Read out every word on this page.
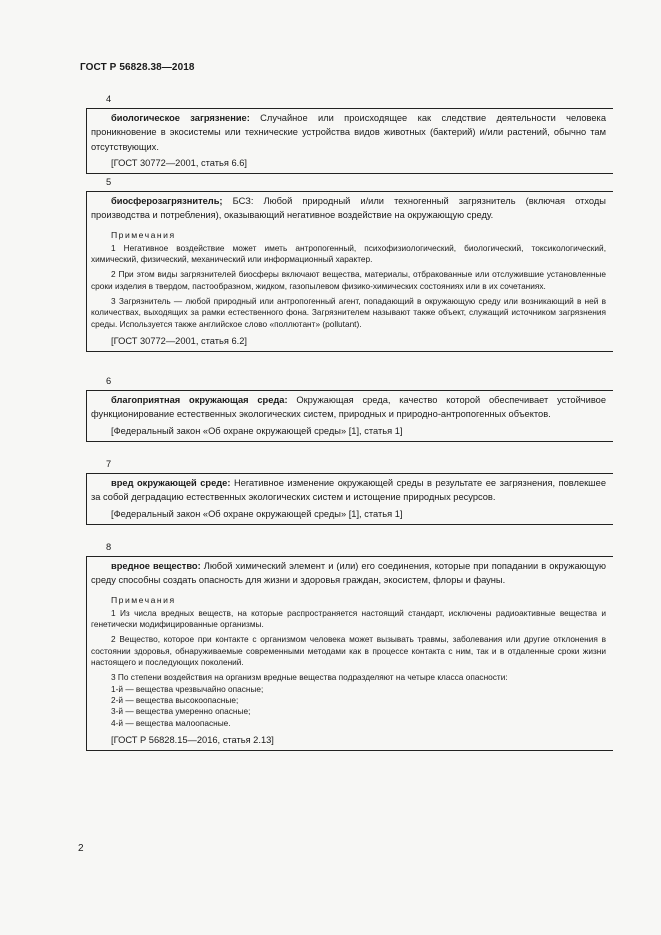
ГОСТ Р 56828.38—2018
4

биологическое загрязнение: Случайное или происходящее как следствие деятельности человека проникновение в экосистемы или технические устройства видов животных (бактерий) и/или растений, обычно там отсутствующих.

[ГОСТ 30772—2001, статья 6.6]

5

биосферозагрязнитель; БСЗ: Любой природный и/или техногенный загрязнитель (включая отходы производства и потребления), оказывающий негативное воздействие на окружающую среду.

Примечания

1 Негативное воздействие может иметь антропогенный, психофизиологический, биологический, токсикологический, химический, физический, механический или информационный характер.

2 При этом виды загрязнителей биосферы включают вещества, материалы, отбракованные или отслужившие установленные сроки изделия в твердом, пастообразном, жидком, газопылевом физико-химических состояниях или в их сочетаниях.

3 Загрязнитель — любой природный или антропогенный агент, попадающий в окружающую среду или возникающий в ней в количествах, выходящих за рамки естественного фона. Загрязнителем называют также объект, служащий источником загрязнения среды. Используется также английское слово «поллютант» (pollutant).

[ГОСТ 30772—2001, статья 6.2]

6

благоприятная окружающая среда: Окружающая среда, качество которой обеспечивает устойчивое функционирование естественных экологических систем, природных и природно-антропогенных объектов.

[Федеральный закон «Об охране окружающей среды» [1], статья 1]

7

вред окружающей среде: Негативное изменение окружающей среды в результате ее загрязнения, повлекшее за собой деградацию естественных экологических систем и истощение природных ресурсов.

[Федеральный закон «Об охране окружающей среды» [1], статья 1]

8

вредное вещество: Любой химический элемент и (или) его соединения, которые при попадании в окружающую среду способны создать опасность для жизни и здоровья граждан, экосистем, флоры и фауны.

Примечания

1 Из числа вредных веществ, на которые распространяется настоящий стандарт, исключены радиоактивные вещества и генетически модифицированные организмы.

2 Вещество, которое при контакте с организмом человека может вызывать травмы, заболевания или другие отклонения в состоянии здоровья, обнаруживаемые современными методами как в процессе контакта с ним, так и в отдаленные сроки жизни настоящего и последующих поколений.

3 По степени воздействия на организм вредные вещества подразделяют на четыре класса опасности:

1-й — вещества чрезвычайно опасные;

2-й — вещества высокоопасные;

3-й — вещества умеренно опасные;

4-й — вещества малоопасные.

[ГОСТ Р 56828.15—2016, статья 2.13]

2
